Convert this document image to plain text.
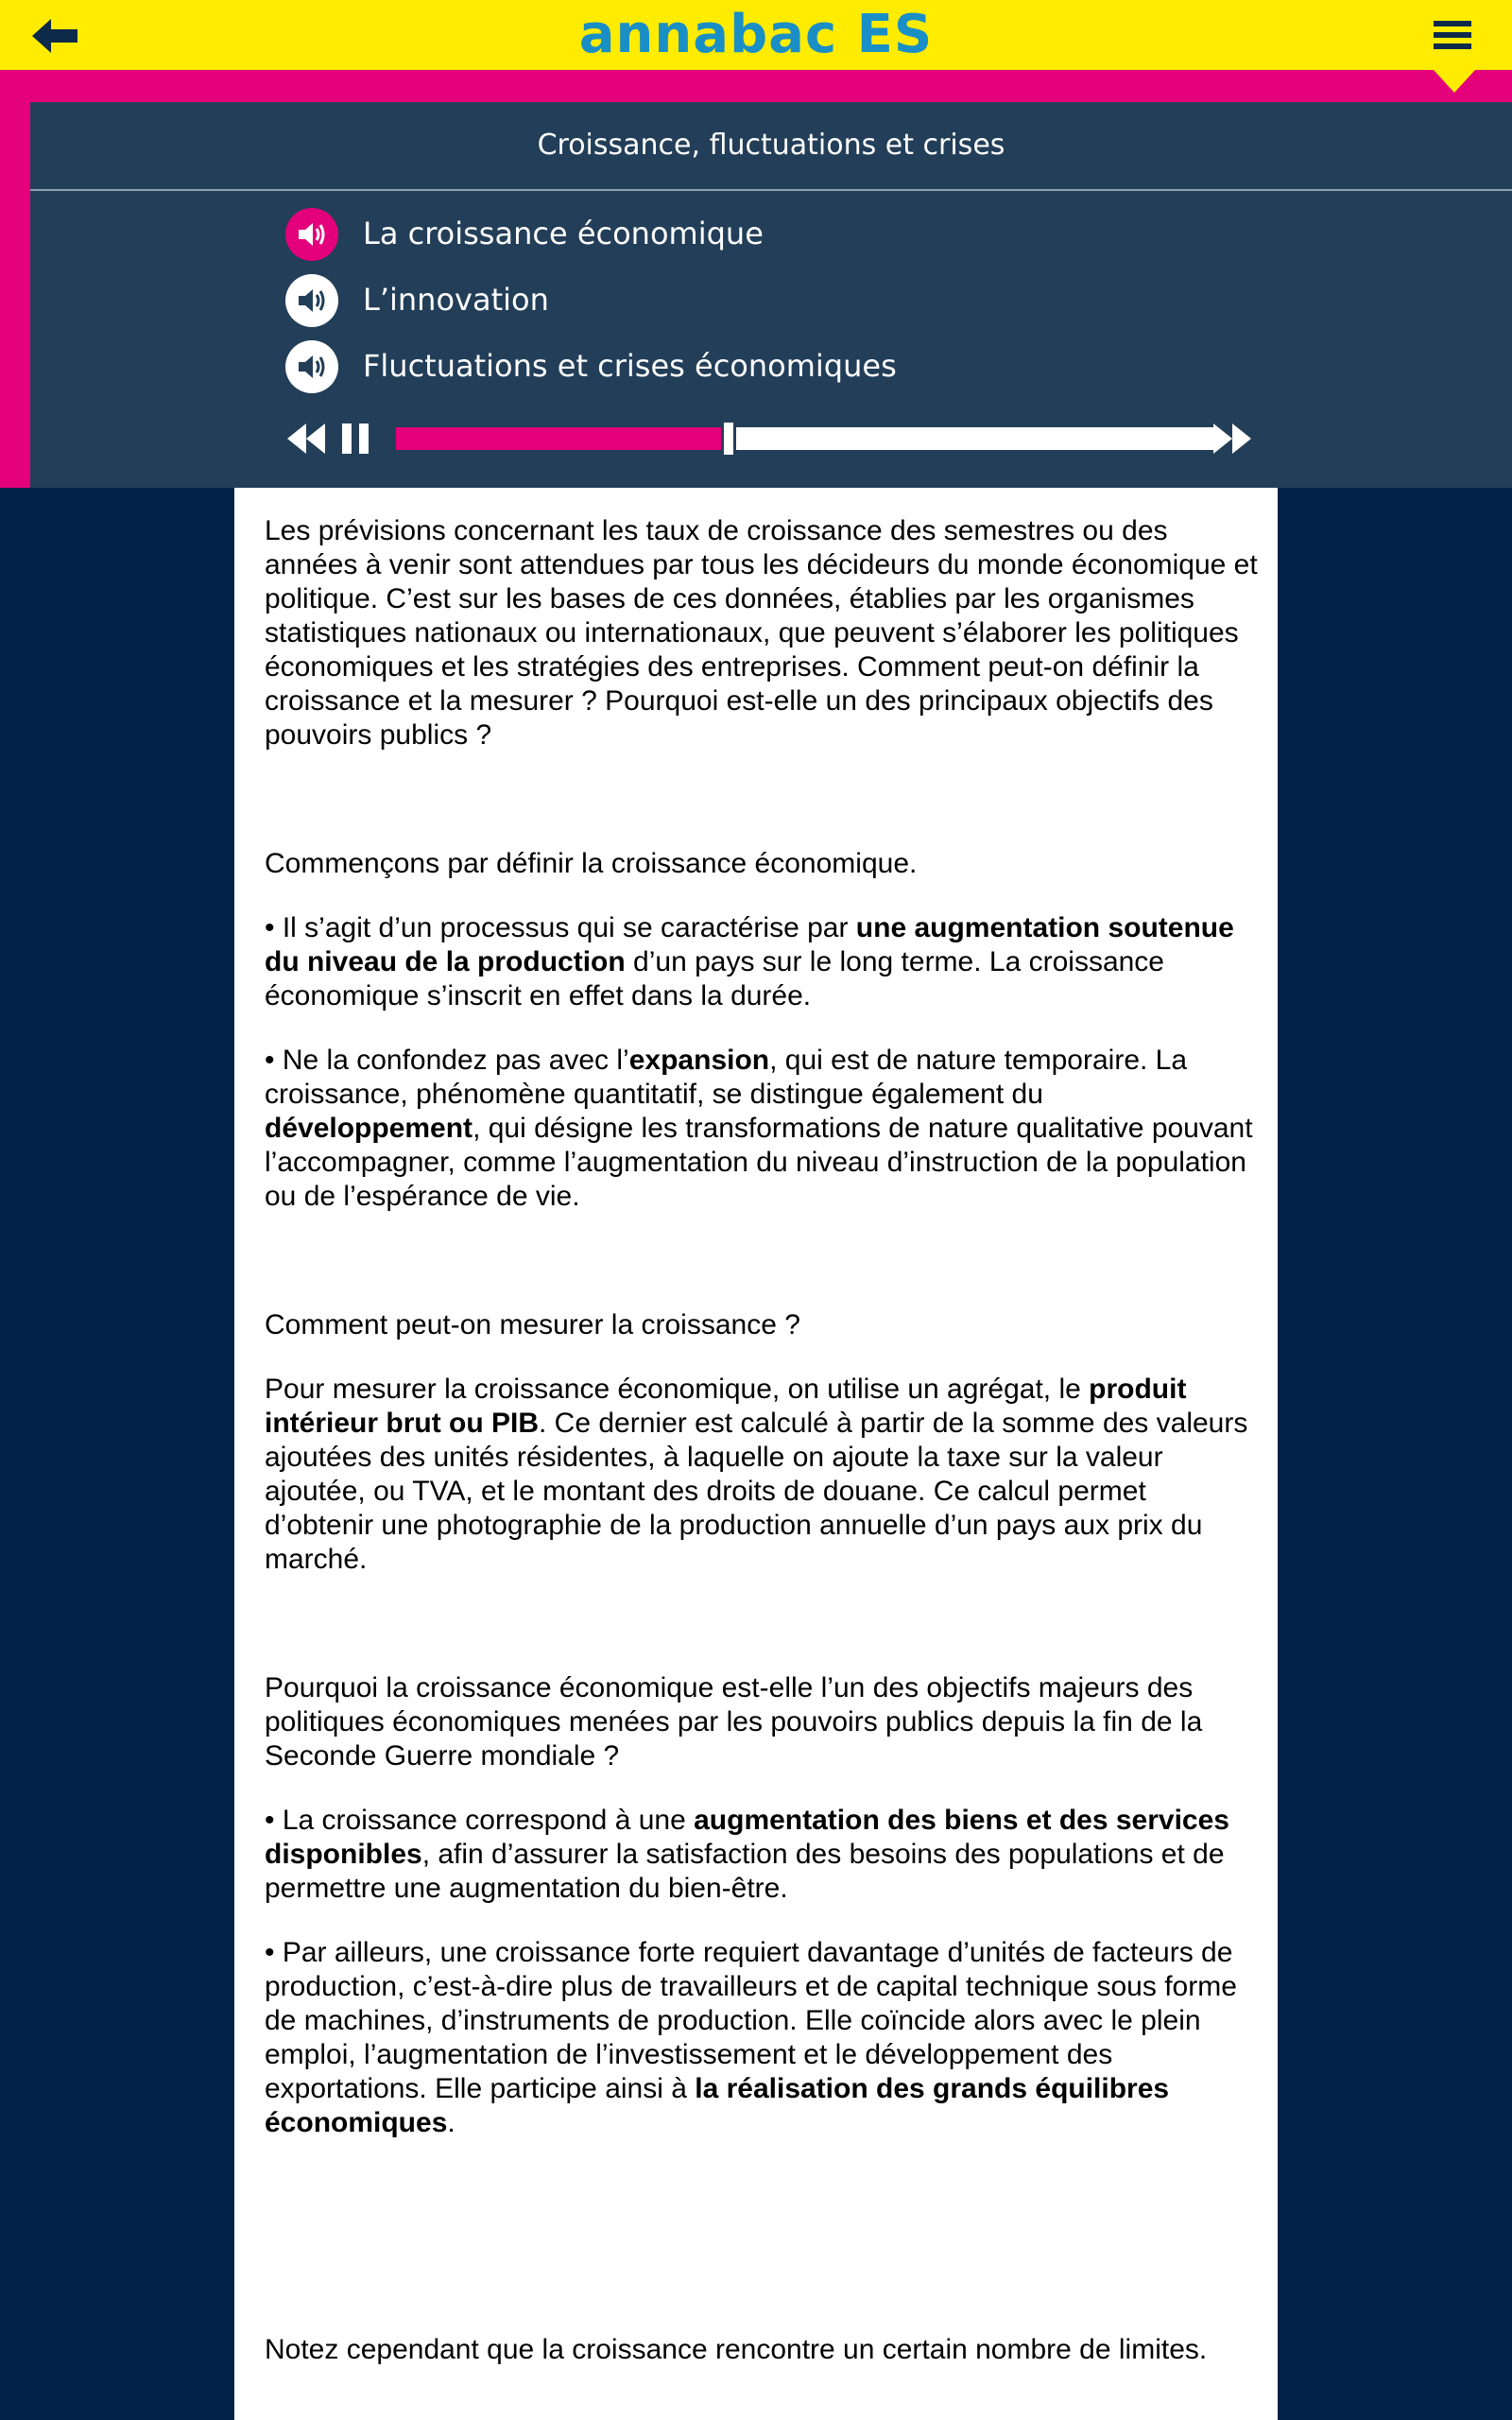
annabac ES
Croissance, fluctuations et crises
La croissance économique
L’innovation
Fluctuations et crises économiques

Les prévisions concernant les taux de croissance des semestres ou des années à venir sont attendues par tous les décideurs du monde économique et politique. C’est sur les bases de ces données, établies par les organismes statistiques nationaux ou internationaux, que peuvent s’élaborer les politiques économiques et les stratégies des entreprises. Comment peut-on définir la croissance et la mesurer ? Pourquoi est-elle un des principaux objectifs des pouvoirs publics ?

Commençons par définir la croissance économique.

• Il s’agit d’un processus qui se caractérise par une augmentation soutenue du niveau de la production d’un pays sur le long terme. La croissance économique s’inscrit en effet dans la durée.

• Ne la confondez pas avec l’expansion, qui est de nature temporaire. La croissance, phénomène quantitatif, se distingue également du développement, qui désigne les transformations de nature qualitative pouvant l’accompagner, comme l’augmentation du niveau d’instruction de la population ou de l’espérance de vie.

Comment peut-on mesurer la croissance ?

Pour mesurer la croissance économique, on utilise un agrégat, le produit intérieur brut ou PIB. Ce dernier est calculé à partir de la somme des valeurs ajoutées des unités résidentes, à laquelle on ajoute la taxe sur la valeur ajoutée, ou TVA, et le montant des droits de douane. Ce calcul permet d’obtenir une photographie de la production annuelle d’un pays aux prix du marché.

Pourquoi la croissance économique est-elle l’un des objectifs majeurs des politiques économiques menées par les pouvoirs publics depuis la fin de la Seconde Guerre mondiale ?

• La croissance correspond à une augmentation des biens et des services disponibles, afin d’assurer la satisfaction des besoins des populations et de permettre une augmentation du bien-être.

• Par ailleurs, une croissance forte requiert davantage d’unités de facteurs de production, c’est-à-dire plus de travailleurs et de capital technique sous forme de machines, d’instruments de production. Elle coïncide alors avec le plein emploi, l’augmentation de l’investissement et le développement des exportations. Elle participe ainsi à la réalisation des grands équilibres économiques.

Notez cependant que la croissance rencontre un certain nombre de limites.
